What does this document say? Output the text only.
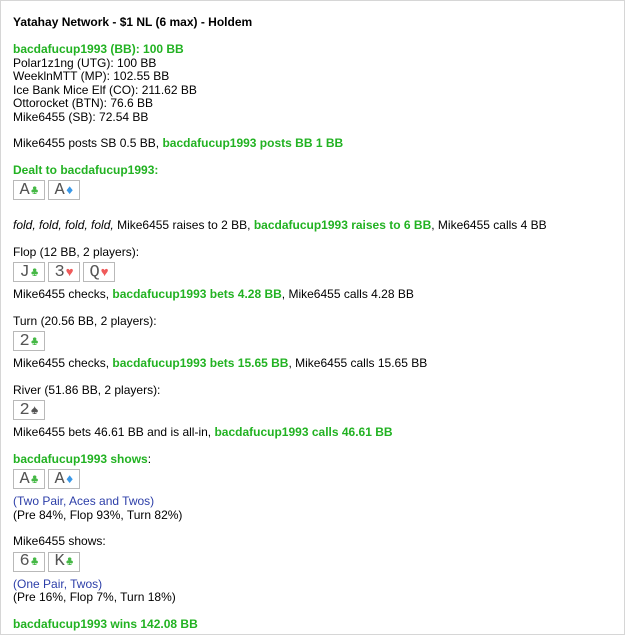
Yatahay Network - $1 NL (6 max) - Holdem
bacdafucup1993 (BB): 100 BB
Polar1z1ng (UTG): 100 BB
WeeklnMTT (MP): 102.55 BB
Ice Bank Mice Elf (CO): 211.62 BB
Ottorocket (BTN): 76.6 BB
Mike6455 (SB): 72.54 BB
Mike6455 posts SB 0.5 BB, bacdafucup1993 posts BB 1 BB
Dealt to bacdafucup1993:
A ♣ A ♦
fold, fold, fold, fold, Mike6455 raises to 2 BB, bacdafucup1993 raises to 6 BB, Mike6455 calls 4 BB
Flop (12 BB, 2 players):
J ♣ 3 ♥ Q ♥
Mike6455 checks, bacdafucup1993 bets 4.28 BB, Mike6455 calls 4.28 BB
Turn (20.56 BB, 2 players):
2 ♣
Mike6455 checks, bacdafucup1993 bets 15.65 BB, Mike6455 calls 15.65 BB
River (51.86 BB, 2 players):
2 ♠
Mike6455 bets 46.61 BB and is all-in, bacdafucup1993 calls 46.61 BB
bacdafucup1993 shows:
A ♣ A ♦
(Two Pair, Aces and Twos)
(Pre 84%, Flop 93%, Turn 82%)
Mike6455 shows:
6 ♣ K ♣
(One Pair, Twos)
(Pre 16%, Flop 7%, Turn 18%)
bacdafucup1993 wins 142.08 BB
